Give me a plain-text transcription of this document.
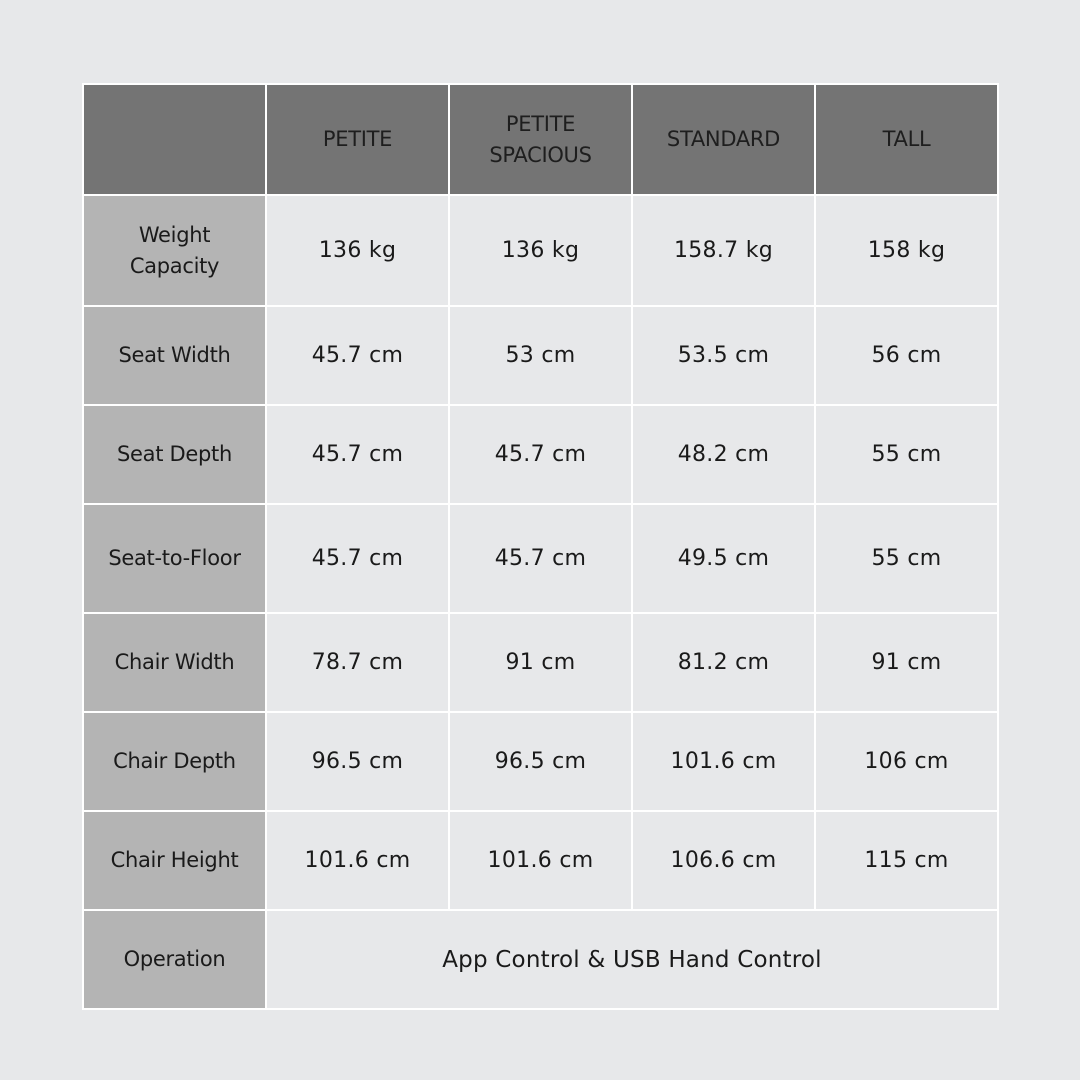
	PETITE	PETITE SPACIOUS	STANDARD	TALL
Weight Capacity	136 kg	136 kg	158.7 kg	158 kg
Seat Width	45.7 cm	53 cm	53.5 cm	56 cm
Seat Depth	45.7 cm	45.7 cm	48.2 cm	55 cm
Seat-to-Floor	45.7 cm	45.7 cm	49.5 cm	55 cm
Chair Width	78.7 cm	91 cm	81.2 cm	91 cm
Chair Depth	96.5 cm	96.5 cm	101.6 cm	106 cm
Chair Height	101.6 cm	101.6 cm	106.6 cm	115 cm
Operation	App Control & USB Hand Control			
